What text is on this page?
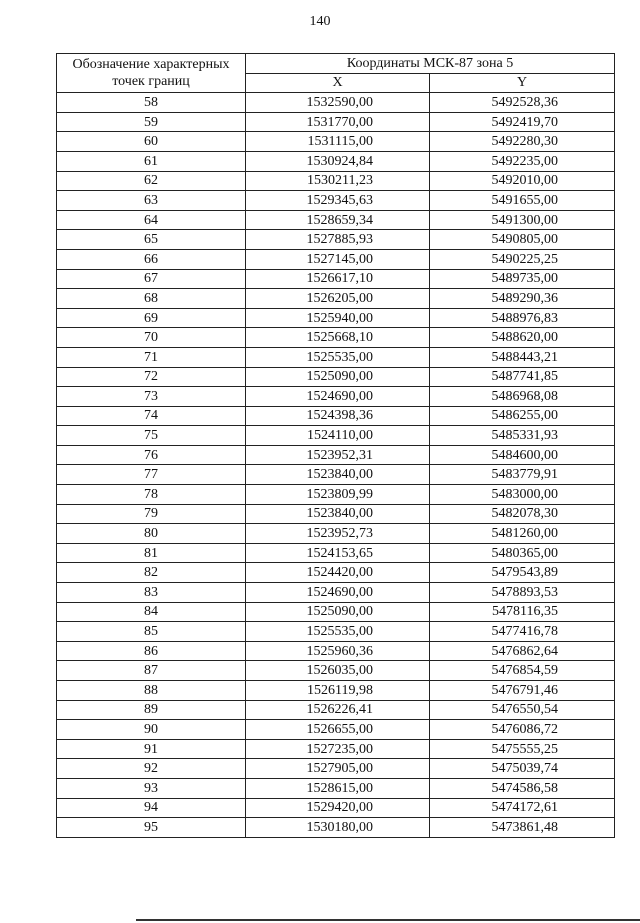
140
Обозначение характерных
точек границ	Координаты МСК-87 зона 5	
	X	Y
58	1532590,00	5492528,36
59	1531770,00	5492419,70
60	1531115,00	5492280,30
61	1530924,84	5492235,00
62	1530211,23	5492010,00
63	1529345,63	5491655,00
64	1528659,34	5491300,00
65	1527885,93	5490805,00
66	1527145,00	5490225,25
67	1526617,10	5489735,00
68	1526205,00	5489290,36
69	1525940,00	5488976,83
70	1525668,10	5488620,00
71	1525535,00	5488443,21
72	1525090,00	5487741,85
73	1524690,00	5486968,08
74	1524398,36	5486255,00
75	1524110,00	5485331,93
76	1523952,31	5484600,00
77	1523840,00	5483779,91
78	1523809,99	5483000,00
79	1523840,00	5482078,30
80	1523952,73	5481260,00
81	1524153,65	5480365,00
82	1524420,00	5479543,89
83	1524690,00	5478893,53
84	1525090,00	5478116,35
85	1525535,00	5477416,78
86	1525960,36	5476862,64
87	1526035,00	5476854,59
88	1526119,98	5476791,46
89	1526226,41	5476550,54
90	1526655,00	5476086,72
91	1527235,00	5475555,25
92	1527905,00	5475039,74
93	1528615,00	5474586,58
94	1529420,00	5474172,61
95	1530180,00	5473861,48
